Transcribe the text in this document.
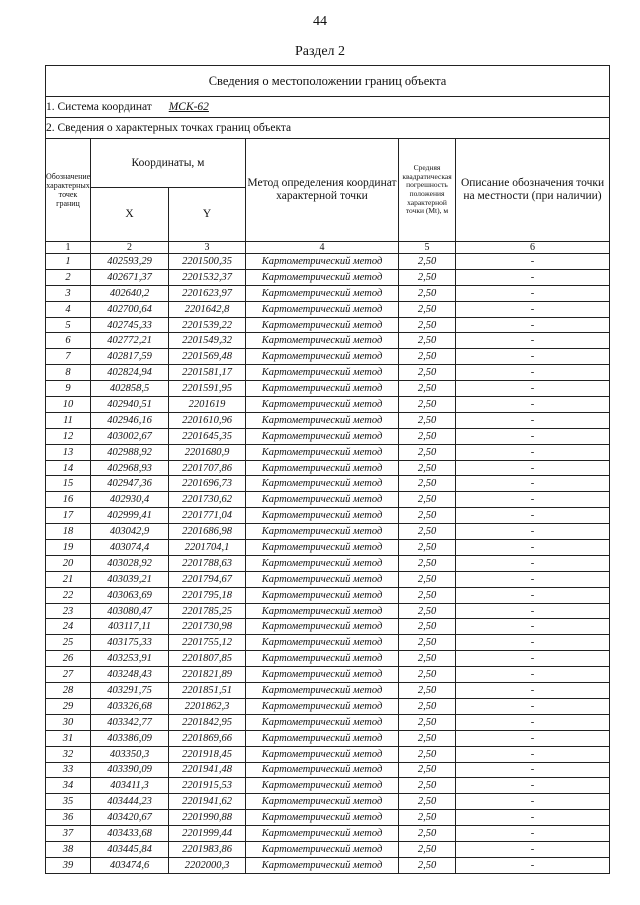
44
Раздел 2
Сведения о местоположении границ объекта					
1. Система координат МСК-62					
2. Сведения о характерных точках границ объекта					
Обозначение характерных точек границ	Координаты, м		Метод определения координат характерной точки	Средняя квадратическая погрешность положения характерной точки (Мt), м	Описание обозначения точки на местности (при наличии)
	X	Y			
1	2	3	4	5	6
1	402593,29	2201500,35	Картометрический метод	2,50	-
2	402671,37	2201532,37	Картометрический метод	2,50	-
3	402640,2	2201623,97	Картометрический метод	2,50	-
4	402700,64	2201642,8	Картометрический метод	2,50	-
5	402745,33	2201539,22	Картометрический метод	2,50	-
6	402772,21	2201549,32	Картометрический метод	2,50	-
7	402817,59	2201569,48	Картометрический метод	2,50	-
8	402824,94	2201581,17	Картометрический метод	2,50	-
9	402858,5	2201591,95	Картометрический метод	2,50	-
10	402940,51	2201619	Картометрический метод	2,50	-
11	402946,16	2201610,96	Картометрический метод	2,50	-
12	403002,67	2201645,35	Картометрический метод	2,50	-
13	402988,92	2201680,9	Картометрический метод	2,50	-
14	402968,93	2201707,86	Картометрический метод	2,50	-
15	402947,36	2201696,73	Картометрический метод	2,50	-
16	402930,4	2201730,62	Картометрический метод	2,50	-
17	402999,41	2201771,04	Картометрический метод	2,50	-
18	403042,9	2201686,98	Картометрический метод	2,50	-
19	403074,4	2201704,1	Картометрический метод	2,50	-
20	403028,92	2201788,63	Картометрический метод	2,50	-
21	403039,21	2201794,67	Картометрический метод	2,50	-
22	403063,69	2201795,18	Картометрический метод	2,50	-
23	403080,47	2201785,25	Картометрический метод	2,50	-
24	403117,11	2201730,98	Картометрический метод	2,50	-
25	403175,33	2201755,12	Картометрический метод	2,50	-
26	403253,91	2201807,85	Картометрический метод	2,50	-
27	403248,43	2201821,89	Картометрический метод	2,50	-
28	403291,75	2201851,51	Картометрический метод	2,50	-
29	403326,68	2201862,3	Картометрический метод	2,50	-
30	403342,77	2201842,95	Картометрический метод	2,50	-
31	403386,09	2201869,66	Картометрический метод	2,50	-
32	403350,3	2201918,45	Картометрический метод	2,50	-
33	403390,09	2201941,48	Картометрический метод	2,50	-
34	403411,3	2201915,53	Картометрический метод	2,50	-
35	403444,23	2201941,62	Картометрический метод	2,50	-
36	403420,67	2201990,88	Картометрический метод	2,50	-
37	403433,68	2201999,44	Картометрический метод	2,50	-
38	403445,84	2201983,86	Картометрический метод	2,50	-
39	403474,6	2202000,3	Картометрический метод	2,50	-
